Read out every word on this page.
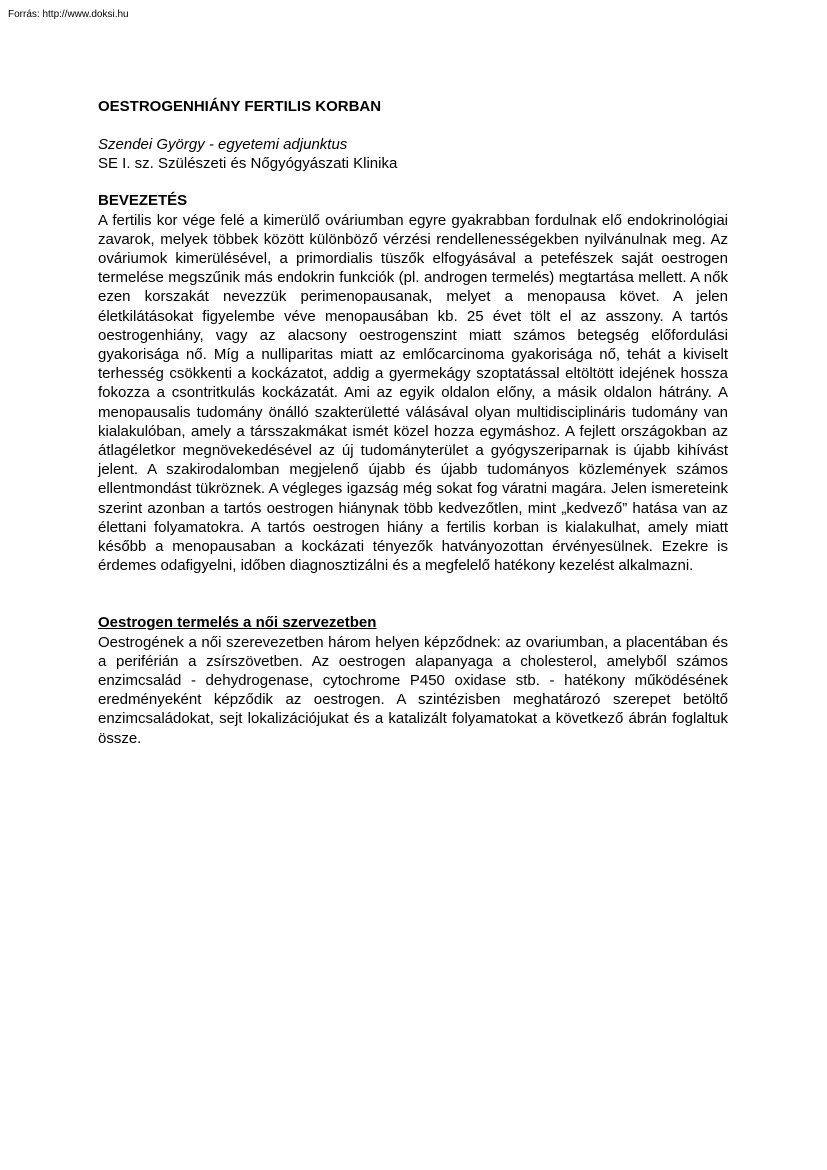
Forrás: http://www.doksi.hu
OESTROGENHIÁNY FERTILIS KORBAN
Szendei György - egyetemi adjunktus
SE I. sz. Szülészeti és Nőgyógyászati Klinika
BEVEZETÉS

A fertilis kor vége felé a kimerülő ováriumban egyre gyakrabban fordulnak elő endokrinológiai zavarok, melyek többek között különböző vérzési rendellenességekben nyilvánulnak meg. Az ováriumok kimerülésével, a primordialis tüszők elfogyásával a petefészek saját oestrogen termelése megszűnik más endokrin funkciók (pl. androgen termelés) megtartása mellett. A nők ezen korszakát nevezzük perimenopausanak, melyet a menopausa követ. A jelen életkilátásokat figyelembe véve menopausában kb. 25 évet tölt el az asszony. A tartós oestrogenhiány, vagy az alacsony oestrogenszint miatt számos betegség előfordulási gyakorisága nő. Míg a nulliparitas miatt az emlőcarcinoma gyakorisága nő, tehát a kiviselt terhesség csökkenti a kockázatot, addig a gyermekágy szoptatással eltöltött idejének hossza fokozza a csontritkulás kockázatát. Ami az egyik oldalon előny, a másik oldalon hátrány. A menopausalis tudomány önálló szakterületté válásával olyan multidisciplináris tudomány van kialakulóban, amely a társszakmákat ismét közel hozza egymáshoz. A fejlett országokban az átlagéletkor megnövekedésével az új tudományterület a gyógyszeriparnak is újabb kihívást jelent. A szakirodalomban megjelenő újabb és újabb tudományos közlemények számos ellentmondást tükröznek. A végleges igazság még sokat fog váratni magára. Jelen ismereteink szerint azonban a tartós oestrogen hiánynak több kedvezőtlen, mint „kedvező” hatása van az élettani folyamatokra. A tartós oestrogen hiány a fertilis korban is kialakulhat, amely miatt később a menopausaban a kockázati tényezők hatványozottan érvényesülnek. Ezekre is érdemes odafigyelni, időben diagnosztizálni és a megfelelő hatékony kezelést alkalmazni.

Oestrogen termelés a női szervezetben

Oestrogének a női szerevezetben három helyen képződnek: az ovariumban, a placentában és a periférián a zsírszövetben. Az oestrogen alapanyaga a cholesterol, amelyből számos enzimcsalád - dehydrogenase, cytochrome P450 oxidase stb. - hatékony működésének eredményeként képződik az oestrogen. A szintézisben meghatározó szerepet betöltő enzimcsaládokat, sejt lokalizációjukat és a katalizált folyamatokat a következő ábrán foglaltuk össze.
